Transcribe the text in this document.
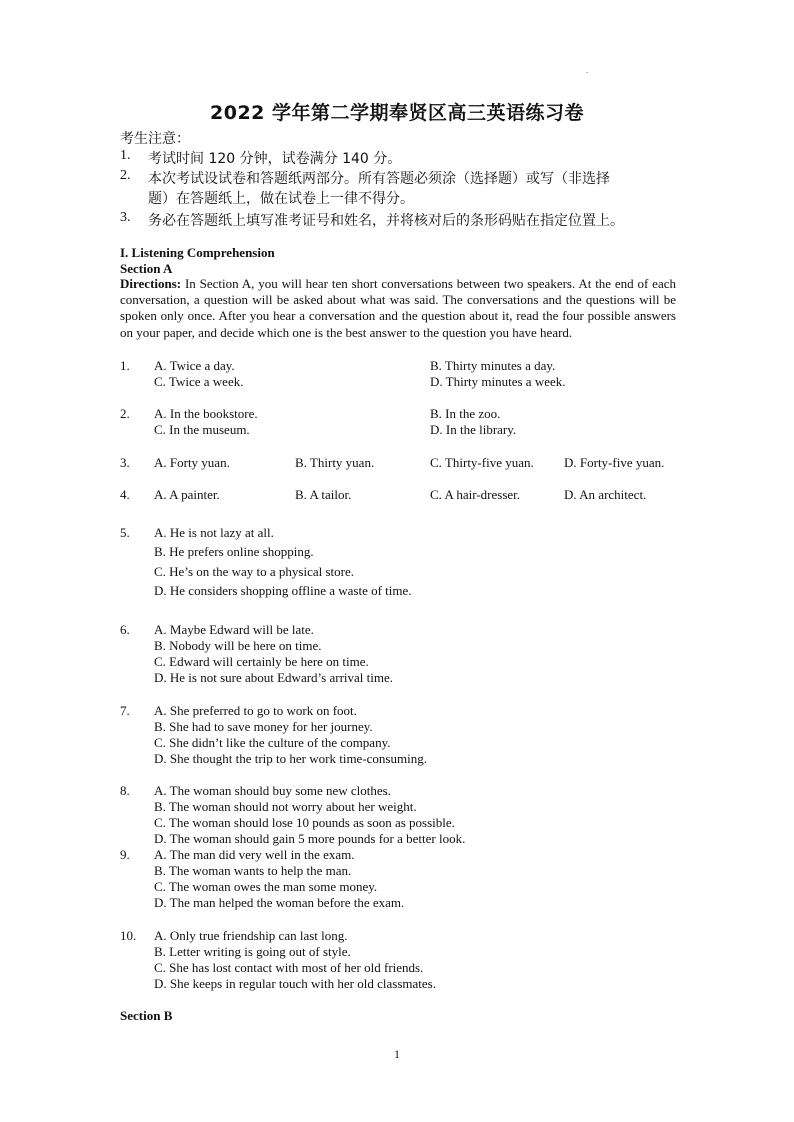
.
2022 学年第二学期奉贤区高三英语练习卷
考生注意：
1. 考试时间 120 分钟，试卷满分 140 分。
2. 本次考试设试卷和答题纸两部分。所有答题必须涂（选择题）或写（非选择
题）在答题纸上，做在试卷上一律不得分。
3. 务必在答题纸上填写准考证号和姓名，并将核对后的条形码贴在指定位置上。
I. Listening Comprehension
Section A
Directions: In Section A, you will hear ten short conversations between two speakers. At the end of each conversation, a question will be asked about what was said. The conversations and the questions will be spoken only once. After you hear a conversation and the question about it, read the four possible answers on your paper, and decide which one is the best answer to the question you have heard.
1. A. Twice a day.	B. Thirty minutes a day.
C. Twice a week.	D. Thirty minutes a week.
2. A. In the bookstore.	B. In the zoo.
C. In the museum.	D. In the library.
3. A. Forty yuan.	B. Thirty yuan.	C. Thirty-five yuan. D. Forty-five yuan.
4. A. A painter.	B. A tailor.	C. A hair-dresser.	D. An architect.
5. A. He is not lazy at all.
B. He prefers online shopping.
C. He’s on the way to a physical store.
D. He considers shopping offline a waste of time.
6. A. Maybe Edward will be late.
B. Nobody will be here on time.
C. Edward will certainly be here on time.
D. He is not sure about Edward’s arrival time.
7. A. She preferred to go to work on foot.
B. She had to save money for her journey.
C. She didn’t like the culture of the company.
D. She thought the trip to her work time-consuming.
8. A. The woman should buy some new clothes.
B. The woman should not worry about her weight.
C. The woman should lose 10 pounds as soon as possible.
D. The woman should gain 5 more pounds for a better look.
9. A. The man did very well in the exam.
B. The woman wants to help the man.
C. The woman owes the man some money.
D. The man helped the woman before the exam.
10. A. Only true friendship can last long.
B. Letter writing is going out of style.
C. She has lost contact with most of her old friends.
D. She keeps in regular touch with her old classmates.
Section B
1
